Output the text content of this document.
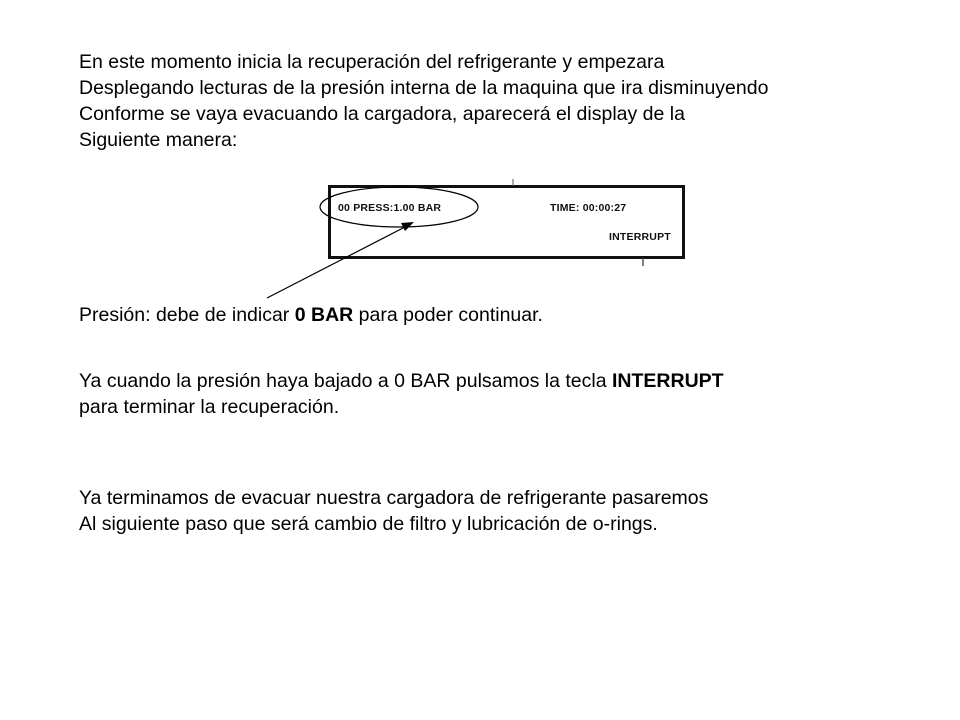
En este momento inicia la recuperación del refrigerante y empezara
Desplegando lecturas de la presión interna de la maquina que ira disminuyendo
Conforme se vaya evacuando la cargadora, aparecerá el display de la
Siguiente manera:

00 PRESS:1.00 BAR	TIME: 00:00:27
INTERRUPT

Presión: debe de indicar 0 BAR para poder continuar.

Ya cuando la presión haya bajado a 0 BAR pulsamos la tecla INTERRUPT
para terminar la recuperación.

Ya terminamos de evacuar nuestra cargadora de refrigerante pasaremos
Al siguiente paso que será cambio de filtro y lubricación de o-rings.
